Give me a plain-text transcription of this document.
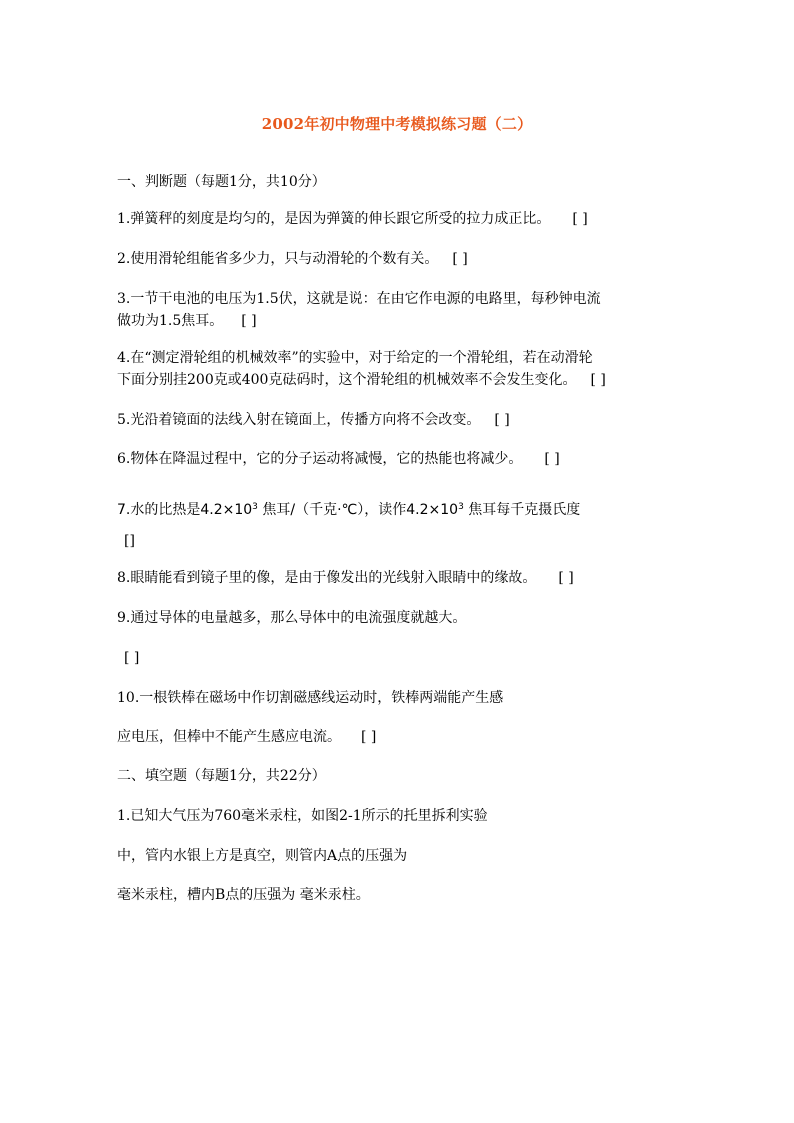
2002年初中物理中考模拟练习题（二）
一、判断题（每题1分，共10分）
1.弹簧秤的刻度是均匀的，是因为弹簧的伸长跟它所受的拉力成正比。 [ ]
2.使用滑轮组能省多少力，只与动滑轮的个数有关。 [ ]
3.一节干电池的电压为1.5伏，这就是说：在由它作电源的电路里，每秒钟电流
做功为1.5焦耳。 [ ]
4.在“测定滑轮组的机械效率”的实验中，对于给定的一个滑轮组，若在动滑轮
下面分别挂200克或400克砝码时，这个滑轮组的机械效率不会发生变化。 [ ]
5.光沿着镜面的法线入射在镜面上，传播方向将不会改变。 [ ]
6.物体在降温过程中，它的分子运动将减慢，它的热能也将减少。 [ ]
7.水的比热是$4.2\times 10^3$ 焦耳/（千克·℃），读作$4.2\times 10^3$ 焦耳每千克摄氏度
[]
8.眼睛能看到镜子里的像，是由于像发出的光线射入眼睛中的缘故。 [ ]
9.通过导体的电量越多，那么导体中的电流强度就越大。
[ ]
10.一根铁棒在磁场中作切割磁感线运动时，铁棒两端能产生感
应电压，但棒中不能产生感应电流。 [ ]
二、填空题（每题1分，共22分）
1.已知大气压为760毫米汞柱，如图2-1所示的托里拆利实验
中，管内水银上方是真空，则管内A点的压强为
毫米汞柱，槽内B点的压强为 毫米汞柱。
